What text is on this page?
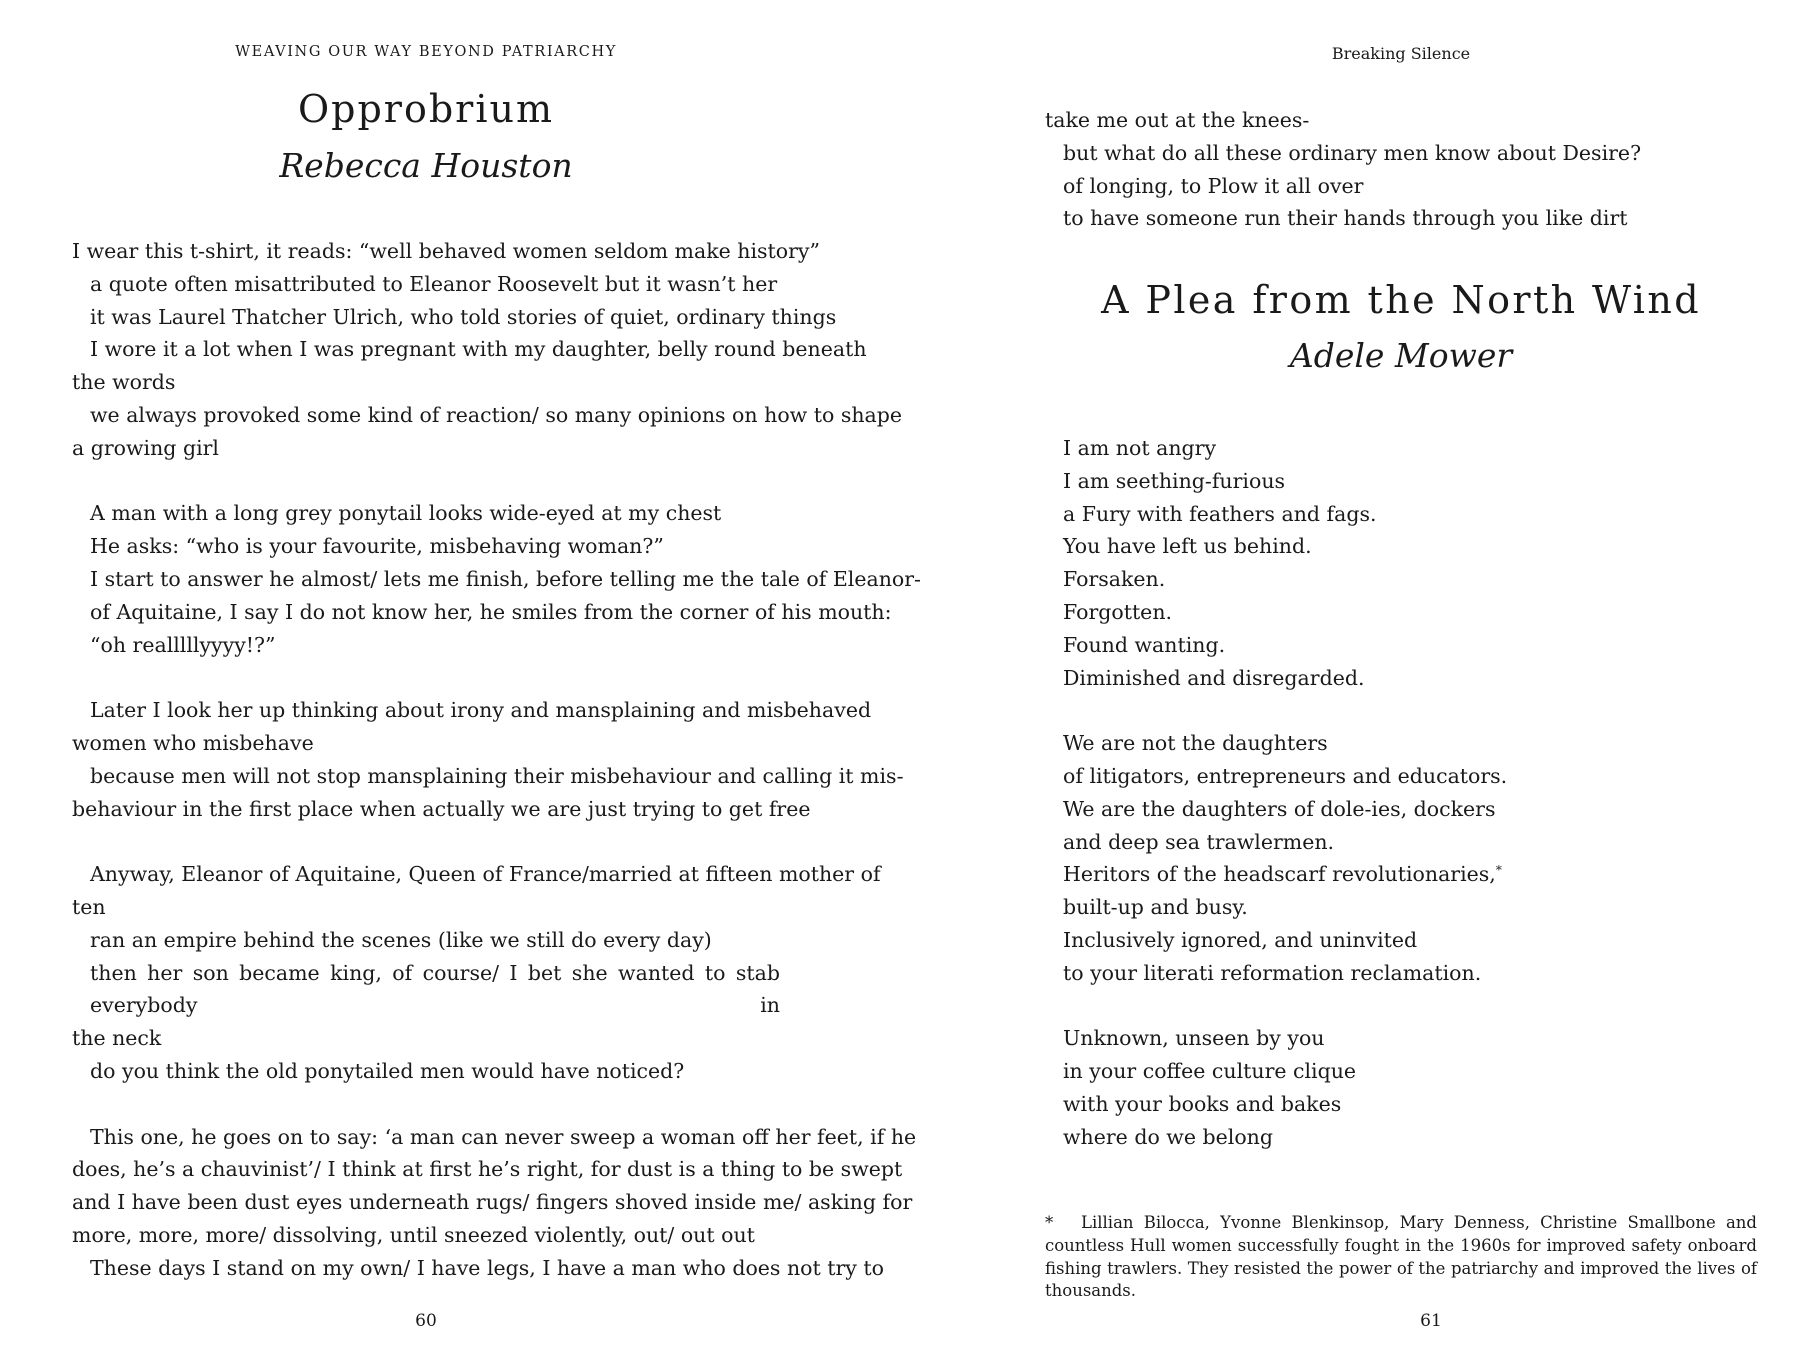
WEAVING OUR WAY BEYOND PATRIARCHY
Opprobrium
Rebecca Houston
I wear this t-shirt, it reads: “well behaved women seldom make history”
a quote often misattributed to Eleanor Roosevelt but it wasn’t her
it was Laurel Thatcher Ulrich, who told stories of quiet, ordinary things
I wore it a lot when I was pregnant with my daughter, belly round beneath
the words
we always provoked some kind of reaction/ so many opinions on how to shape
a growing girl
A man with a long grey ponytail looks wide-eyed at my chest
He asks: “who is your favourite, misbehaving woman?”
I start to answer he almost/ lets me finish, before telling me the tale of Eleanor-
of Aquitaine, I say I do not know her, he smiles from the corner of his mouth:
“oh realllllyyyy!?”
Later I look her up thinking about irony and mansplaining and misbehaved
women who misbehave
because men will not stop mansplaining their misbehaviour and calling it mis-
behaviour in the first place when actually we are just trying to get free
Anyway, Eleanor of Aquitaine, Queen of France/married at fifteen mother of
ten
ran an empire behind the scenes (like we still do every day)
then her son became king, of course/ I bet she wanted to stab everybody in
the neck
do you think the old ponytailed men would have noticed?
This one, he goes on to say: ‘a man can never sweep a woman off her feet, if he
does, he’s a chauvinist’/ I think at first he’s right, for dust is a thing to be swept
and I have been dust eyes underneath rugs/ fingers shoved inside me/ asking for
more, more, more/ dissolving, until sneezed violently, out/ out out
These days I stand on my own/ I have legs, I have a man who does not try to
60
Breaking Silence
take me out at the knees-
but what do all these ordinary men know about Desire?
of longing, to Plow it all over
to have someone run their hands through you like dirt
A Plea from the North Wind
Adele Mower
I am not angry
I am seething-furious
a Fury with feathers and fags.
You have left us behind.
Forsaken.
Forgotten.
Found wanting.
Diminished and disregarded.
We are not the daughters
of litigators, entrepreneurs and educators.
We are the daughters of dole-ies, dockers
and deep sea trawlermen.
Heritors of the headscarf revolutionaries,*
built-up and busy.
Inclusively ignored, and uninvited
to your literati reformation reclamation.
Unknown, unseen by you
in your coffee culture clique
with your books and bakes
where do we belong
* Lillian Bilocca, Yvonne Blenkinsop, Mary Denness, Christine Smallbone and countless Hull women successfully fought in the 1960s for improved safety onboard fishing trawlers. They resisted the power of the patriarchy and improved the lives of thousands.
61
